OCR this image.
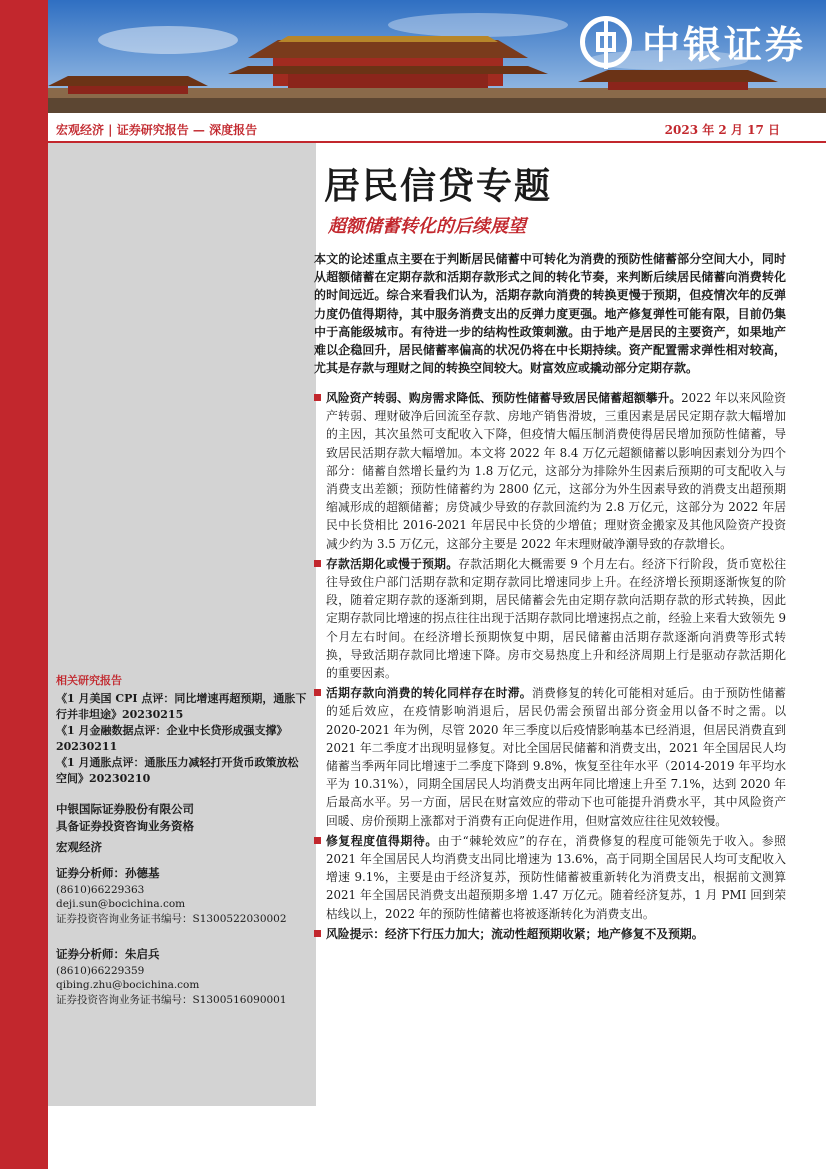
中银证券
宏观经济 | 证券研究报告 — 深度报告	2023 年 2 月 17 日
相关研究报告
《1 月美国 CPI 点评：同比增速再超预期，通胀下行并非坦途》20230215
《1 月金融数据点评：企业中长贷形成强支撑》20230211
《1 月通胀点评：通胀压力减轻打开货币政策放松空间》20230210
中银国际证券股份有限公司
具备证券投资咨询业务资格
宏观经济
证券分析师：孙德基
(8610)66229363
deji.sun@bocichina.com
证券投资咨询业务证书编号：S1300522030002
证券分析师：朱启兵
(8610)66229359
qibing.zhu@bocichina.com
证券投资咨询业务证书编号：S1300516090001
居民信贷专题
超额储蓄转化的后续展望
本文的论述重点主要在于判断居民储蓄中可转化为消费的预防性储蓄部分空间大小，同时从超额储蓄在定期存款和活期存款形式之间的转化节奏，来判断后续居民储蓄向消费转化的时间远近。综合来看我们认为，活期存款向消费的转换更慢于预期，但疫情次年的反弹力度仍值得期待，其中服务消费支出的反弹力度更强。地产修复弹性可能有限，目前仍集中于高能级城市。有待进一步的结构性政策刺激。由于地产是居民的主要资产，如果地产难以企稳回升，居民储蓄率偏高的状况仍将在中长期持续。资产配置需求弹性相对较高，尤其是存款与理财之间的转换空间较大。财富效应或撬动部分定期存款。
风险资产转弱、购房需求降低、预防性储蓄导致居民储蓄超额攀升。2022 年以来风险资产转弱、理财破净后回流至存款、房地产销售滑坡，三重因素是居民定期存款大幅增加的主因，其次虽然可支配收入下降，但疫情大幅压制消费使得居民增加预防性储蓄，导致居民活期存款大幅增加。本文将 2022 年 8.4 万亿元超额储蓄以影响因素划分为四个部分：储蓄自然增长量约为 1.8 万亿元，这部分为排除外生因素后预期的可支配收入与消费支出差额；预防性储蓄约为 2800 亿元，这部分为外生因素导致的消费支出超预期缩减形成的超额储蓄；房贷减少导致的存款回流约为 2.8 万亿元，这部分为 2022 年居民中长贷相比 2016-2021 年居民中长贷的少增值；理财资金搬家及其他风险资产投资减少约为 3.5 万亿元，这部分主要是 2022 年末理财破净潮导致的存款增长。
存款活期化或慢于预期。存款活期化大概需要 9 个月左右。经济下行阶段，货币宽松往往导致住户部门活期存款和定期存款同比增速同步上升。在经济增长预期逐渐恢复的阶段，随着定期存款的逐渐到期，居民储蓄会先由定期存款向活期存款的形式转换，因此定期存款同比增速的拐点往往出现于活期存款同比增速拐点之前，经验上来看大致领先 9 个月左右时间。在经济增长预期恢复中期，居民储蓄由活期存款逐渐向消费等形式转换，导致活期存款同比增速下降。房市交易热度上升和经济周期上行是驱动存款活期化的重要因素。
活期存款向消费的转化同样存在时滞。消费修复的转化可能相对延后。由于预防性储蓄的延后效应，在疫情影响消退后，居民仍需会预留出部分资金用以备不时之需。以 2020-2021 年为例，尽管 2020 年三季度以后疫情影响基本已经消退，但居民消费直到 2021 年二季度才出现明显修复。对比全国居民储蓄和消费支出，2021 年全国居民人均储蓄当季两年同比增速于二季度下降到 9.8%，恢复至往年水平（2014-2019 年平均水平为 10.31%），同期全国居民人均消费支出两年同比增速上升至 7.1%，达到 2020 年后最高水平。另一方面，居民在财富效应的带动下也可能提升消费水平，其中风险资产回暖、房价预期上涨都对于消费有正向促进作用，但财富效应往往见效较慢。
修复程度值得期待。由于“棘轮效应”的存在，消费修复的程度可能领先于收入。参照 2021 年全国居民人均消费支出同比增速为 13.6%，高于同期全国居民人均可支配收入增速 9.1%，主要是由于经济复苏，预防性储蓄被重新转化为消费支出，根据前文测算 2021 年全国居民消费支出超预期多增 1.47 万亿元。随着经济复苏，1 月 PMI 回到荣枯线以上，2022 年的预防性储蓄也将被逐渐转化为消费支出。
风险提示：经济下行压力加大；流动性超预期收紧；地产修复不及预期。
